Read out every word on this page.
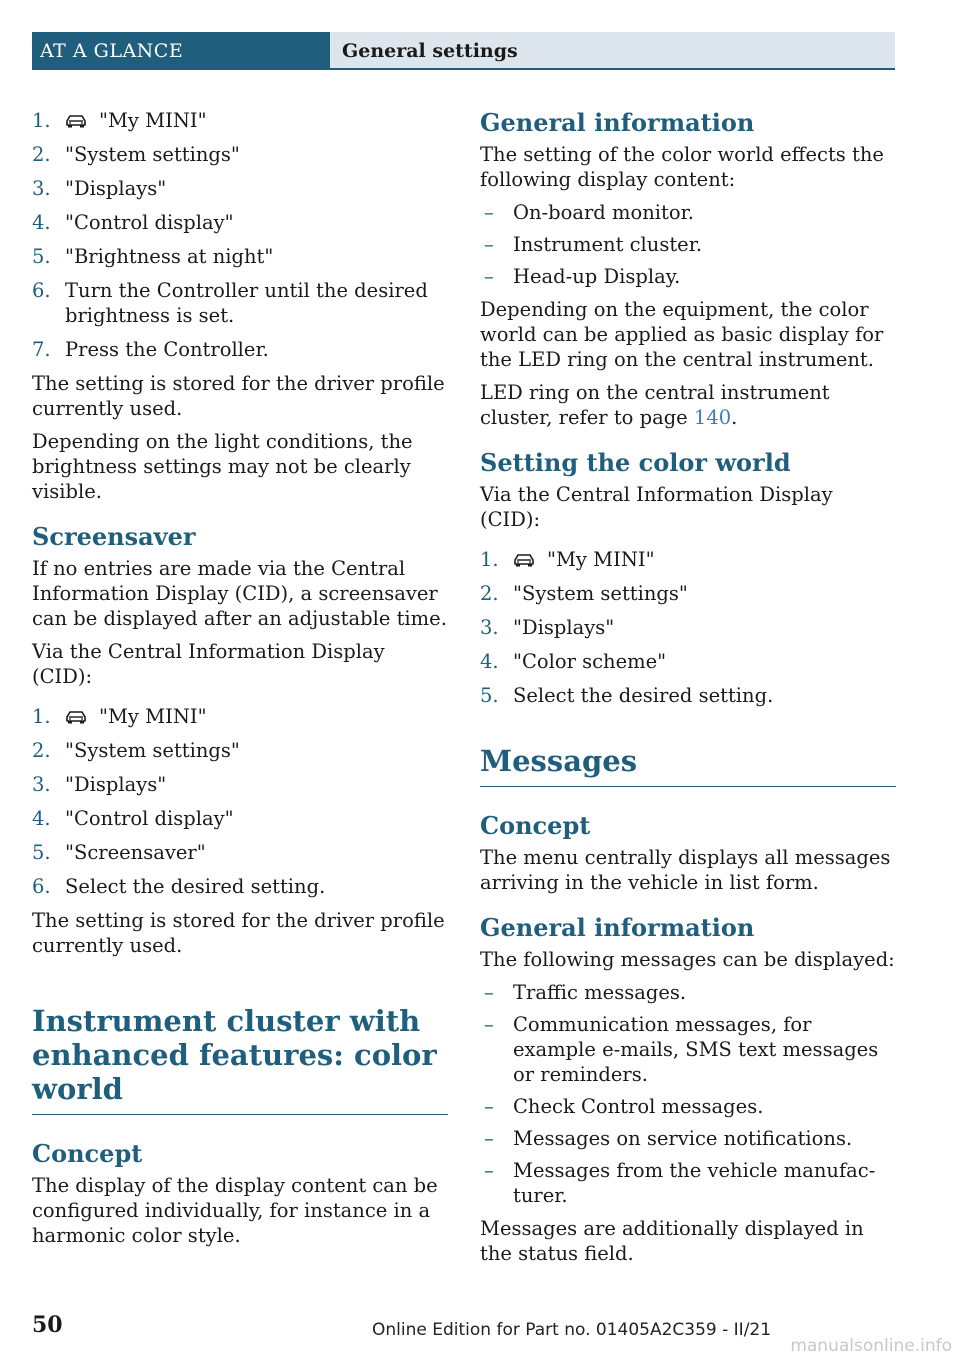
AT A GLANCE	General settings
1. "My MINI"
2. "System settings"
3. "Displays"
4. "Control display"
5. "Brightness at night"
6. Turn the Controller until the desired brightness is set.
7. Press the Controller.

The setting is stored for the driver profile currently used.

Depending on the light conditions, the brightness settings may not be clearly visible.

Screensaver

If no entries are made via the Central Information Display (CID), a screensaver can be displayed after an adjustable time.

Via the Central Information Display (CID):

1. "My MINI"
2. "System settings"
3. "Displays"
4. "Control display"
5. "Screensaver"
6. Select the desired setting.

The setting is stored for the driver profile currently used.

Instrument cluster with enhanced features: color world
Concept

The display of the display content can be configured individually, for instance in a harmonic color style.

General information

The setting of the color world effects the following display content:

– On-board monitor.
– Instrument cluster.
– Head-up Display.

Depending on the equipment, the color world can be applied as basic display for the LED ring on the central instrument.

LED ring on the central instrument cluster, refer to page 140.

Setting the color world

Via the Central Information Display (CID):

1. "My MINI"
2. "System settings"
3. "Displays"
4. "Color scheme"
5. Select the desired setting.
Messages
Concept

The menu centrally displays all messages arriving in the vehicle in list form.

General information

The following messages can be displayed:

– Traffic messages.
– Communication messages, for example e-mails, SMS text messages or reminders.
– Check Control messages.
– Messages on service notifications.
– Messages from the vehicle manufacturer.

Messages are additionally displayed in the status field.

50	Online Edition for Part no. 01405A2C359 - II/21
manualsonline.info
